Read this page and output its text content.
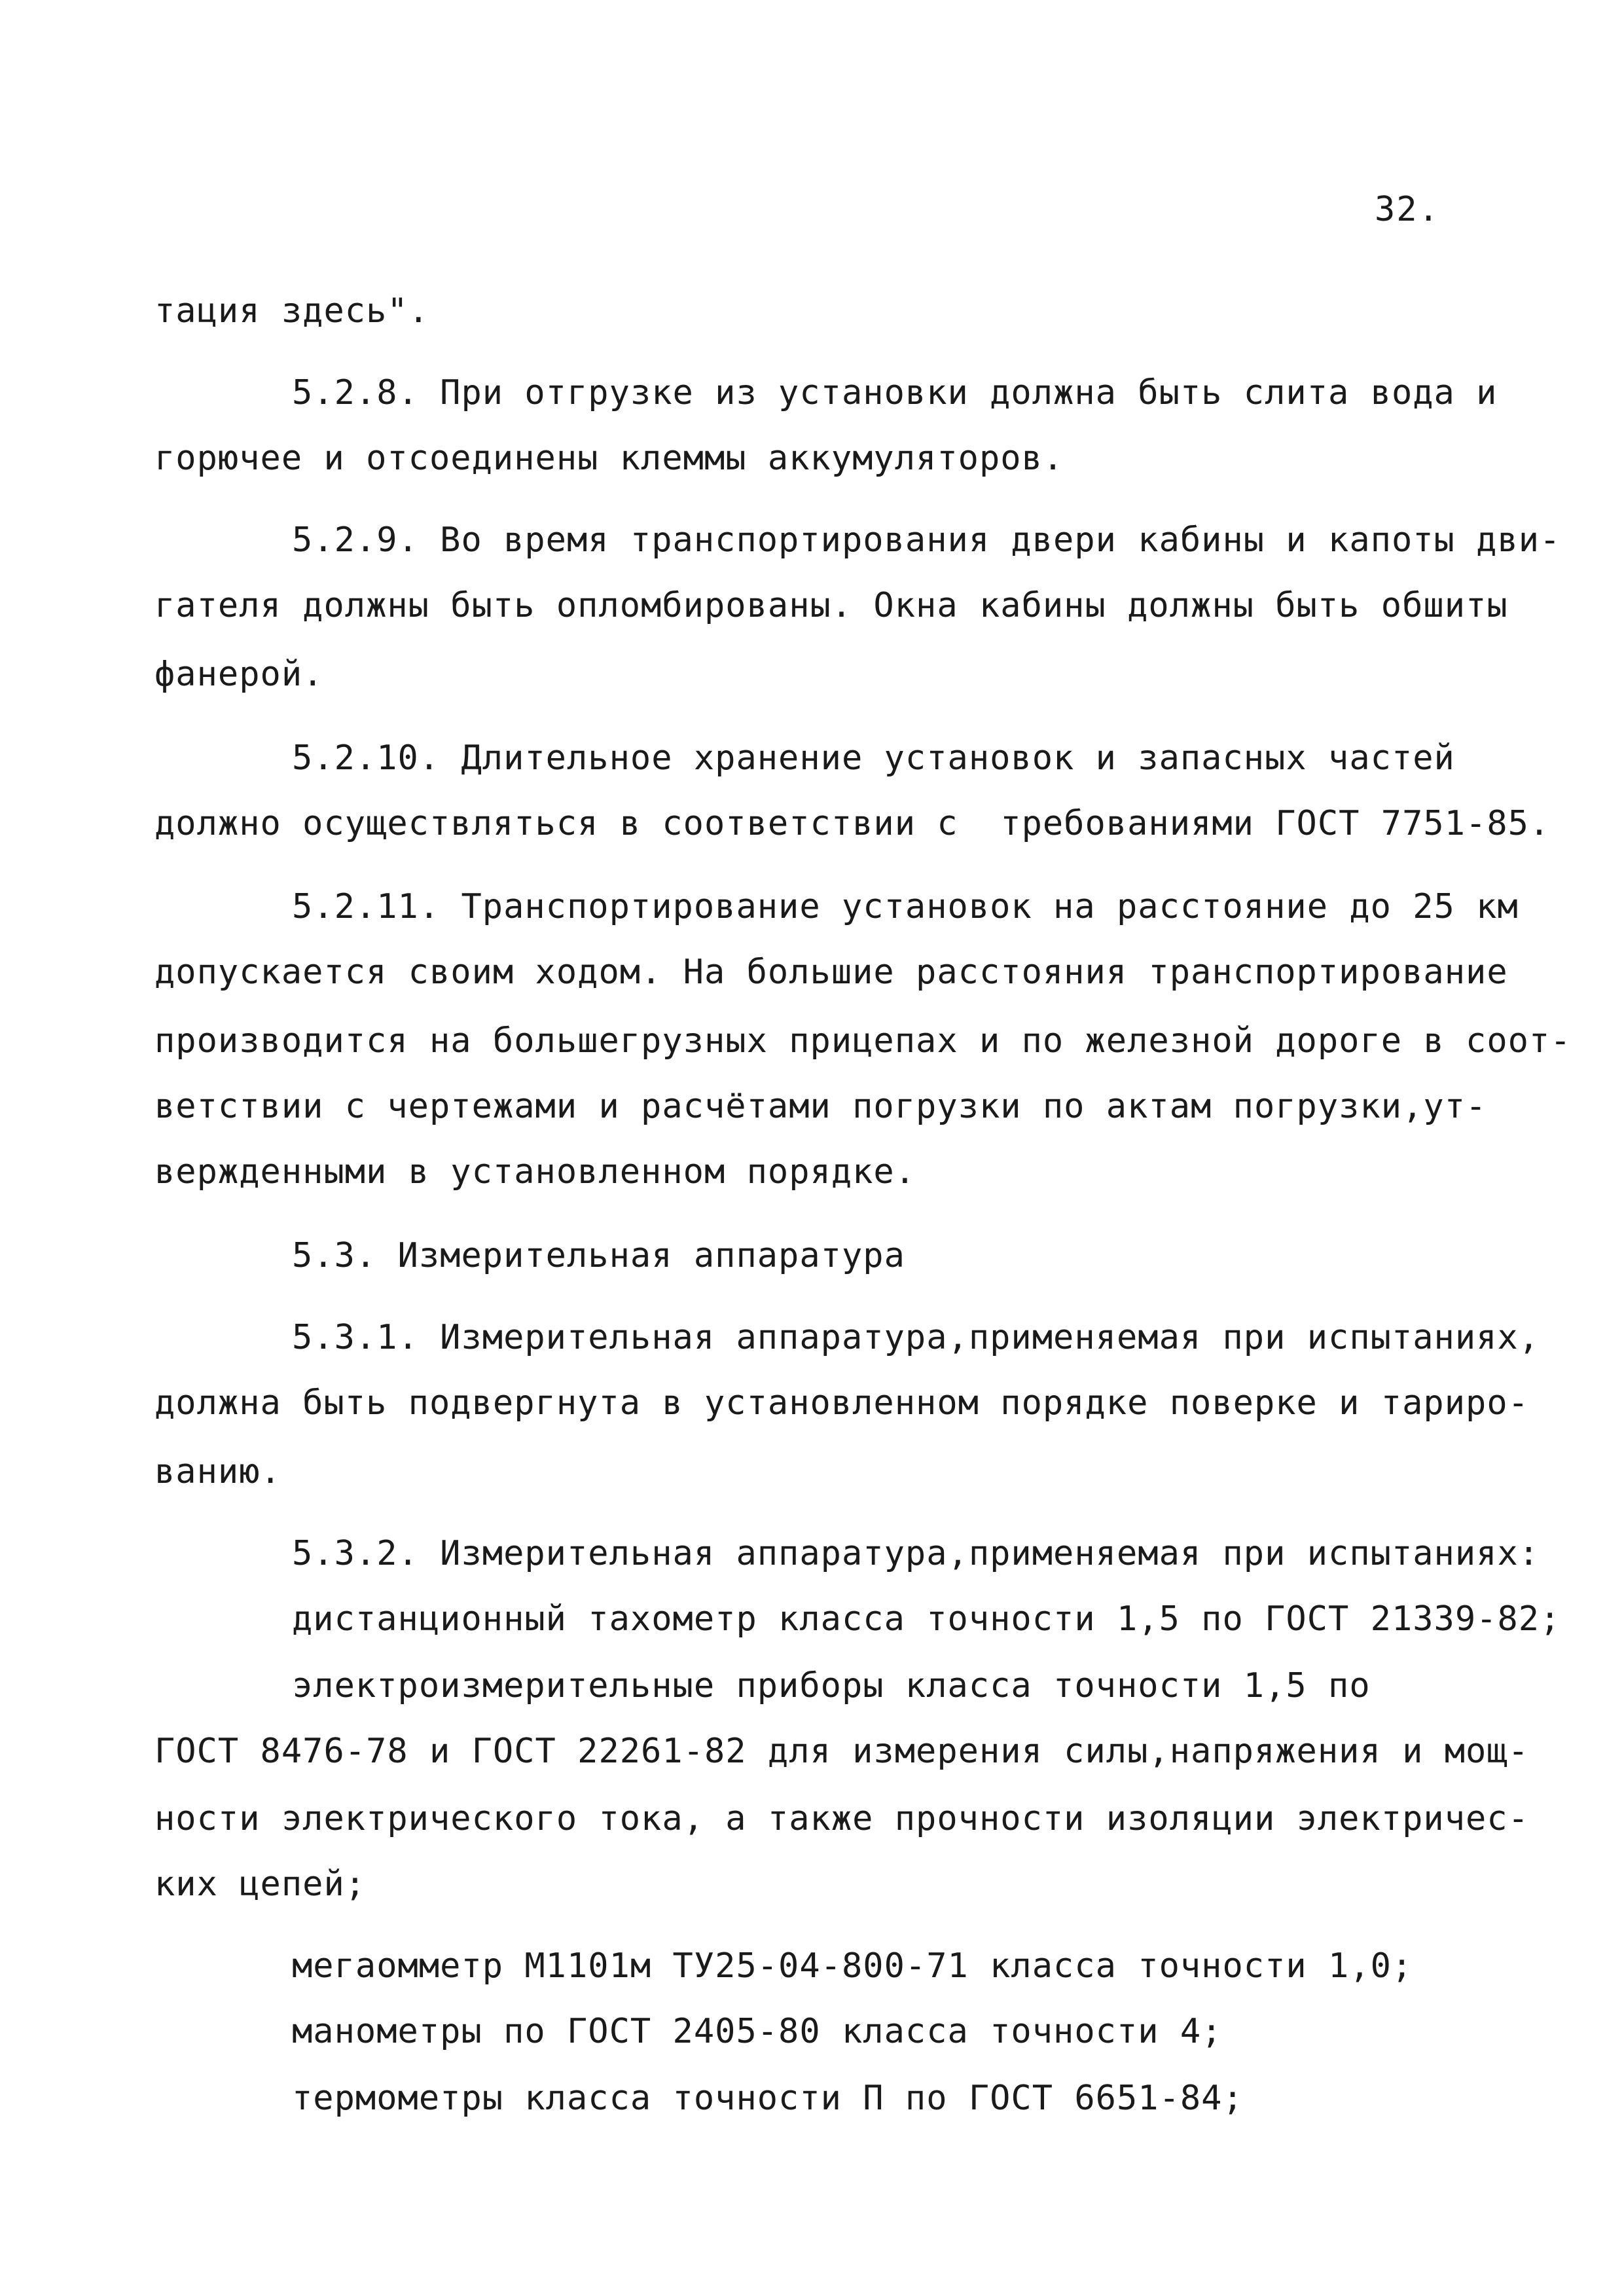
32.
тация здесь".
5.2.8. При отгрузке из установки должна быть слита вода и
горючее и отсоединены клеммы аккумуляторов.
5.2.9. Во время транспортирования двери кабины и капоты дви-
гателя должны быть опломбированы. Окна кабины должны быть обшиты
фанерой.
5.2.10. Длительное хранение установок и запасных частей
должно осуществляться в соответствии с  требованиями ГОСТ 7751-85.
5.2.11. Транспортирование установок на расстояние до 25 км
допускается своим ходом. На большие расстояния транспортирование
производится на большегрузных прицепах и по железной дороге в соот-
ветствии с чертежами и расчётами погрузки по актам погрузки,ут-
вержденными в установленном порядке.
5.3. Измерительная аппаратура
5.3.1. Измерительная аппаратура,применяемая при испытаниях,
должна быть подвергнута в установленном порядке поверке и тариро-
ванию.
5.3.2. Измерительная аппаратура,применяемая при испытаниях:
дистанционный тахометр класса точности 1,5 по ГОСТ 21339-82;
электроизмерительные приборы класса точности 1,5 по
ГОСТ 8476-78 и ГОСТ 22261-82 для измерения силы,напряжения и мощ-
ности электрического тока, а также прочности изоляции электричес-
ких цепей;
мегаомметр М1101м ТУ25-04-800-71 класса точности 1,0;
манометры по ГОСТ 2405-80 класса точности 4;
термометры класса точности П по ГОСТ 6651-84;
